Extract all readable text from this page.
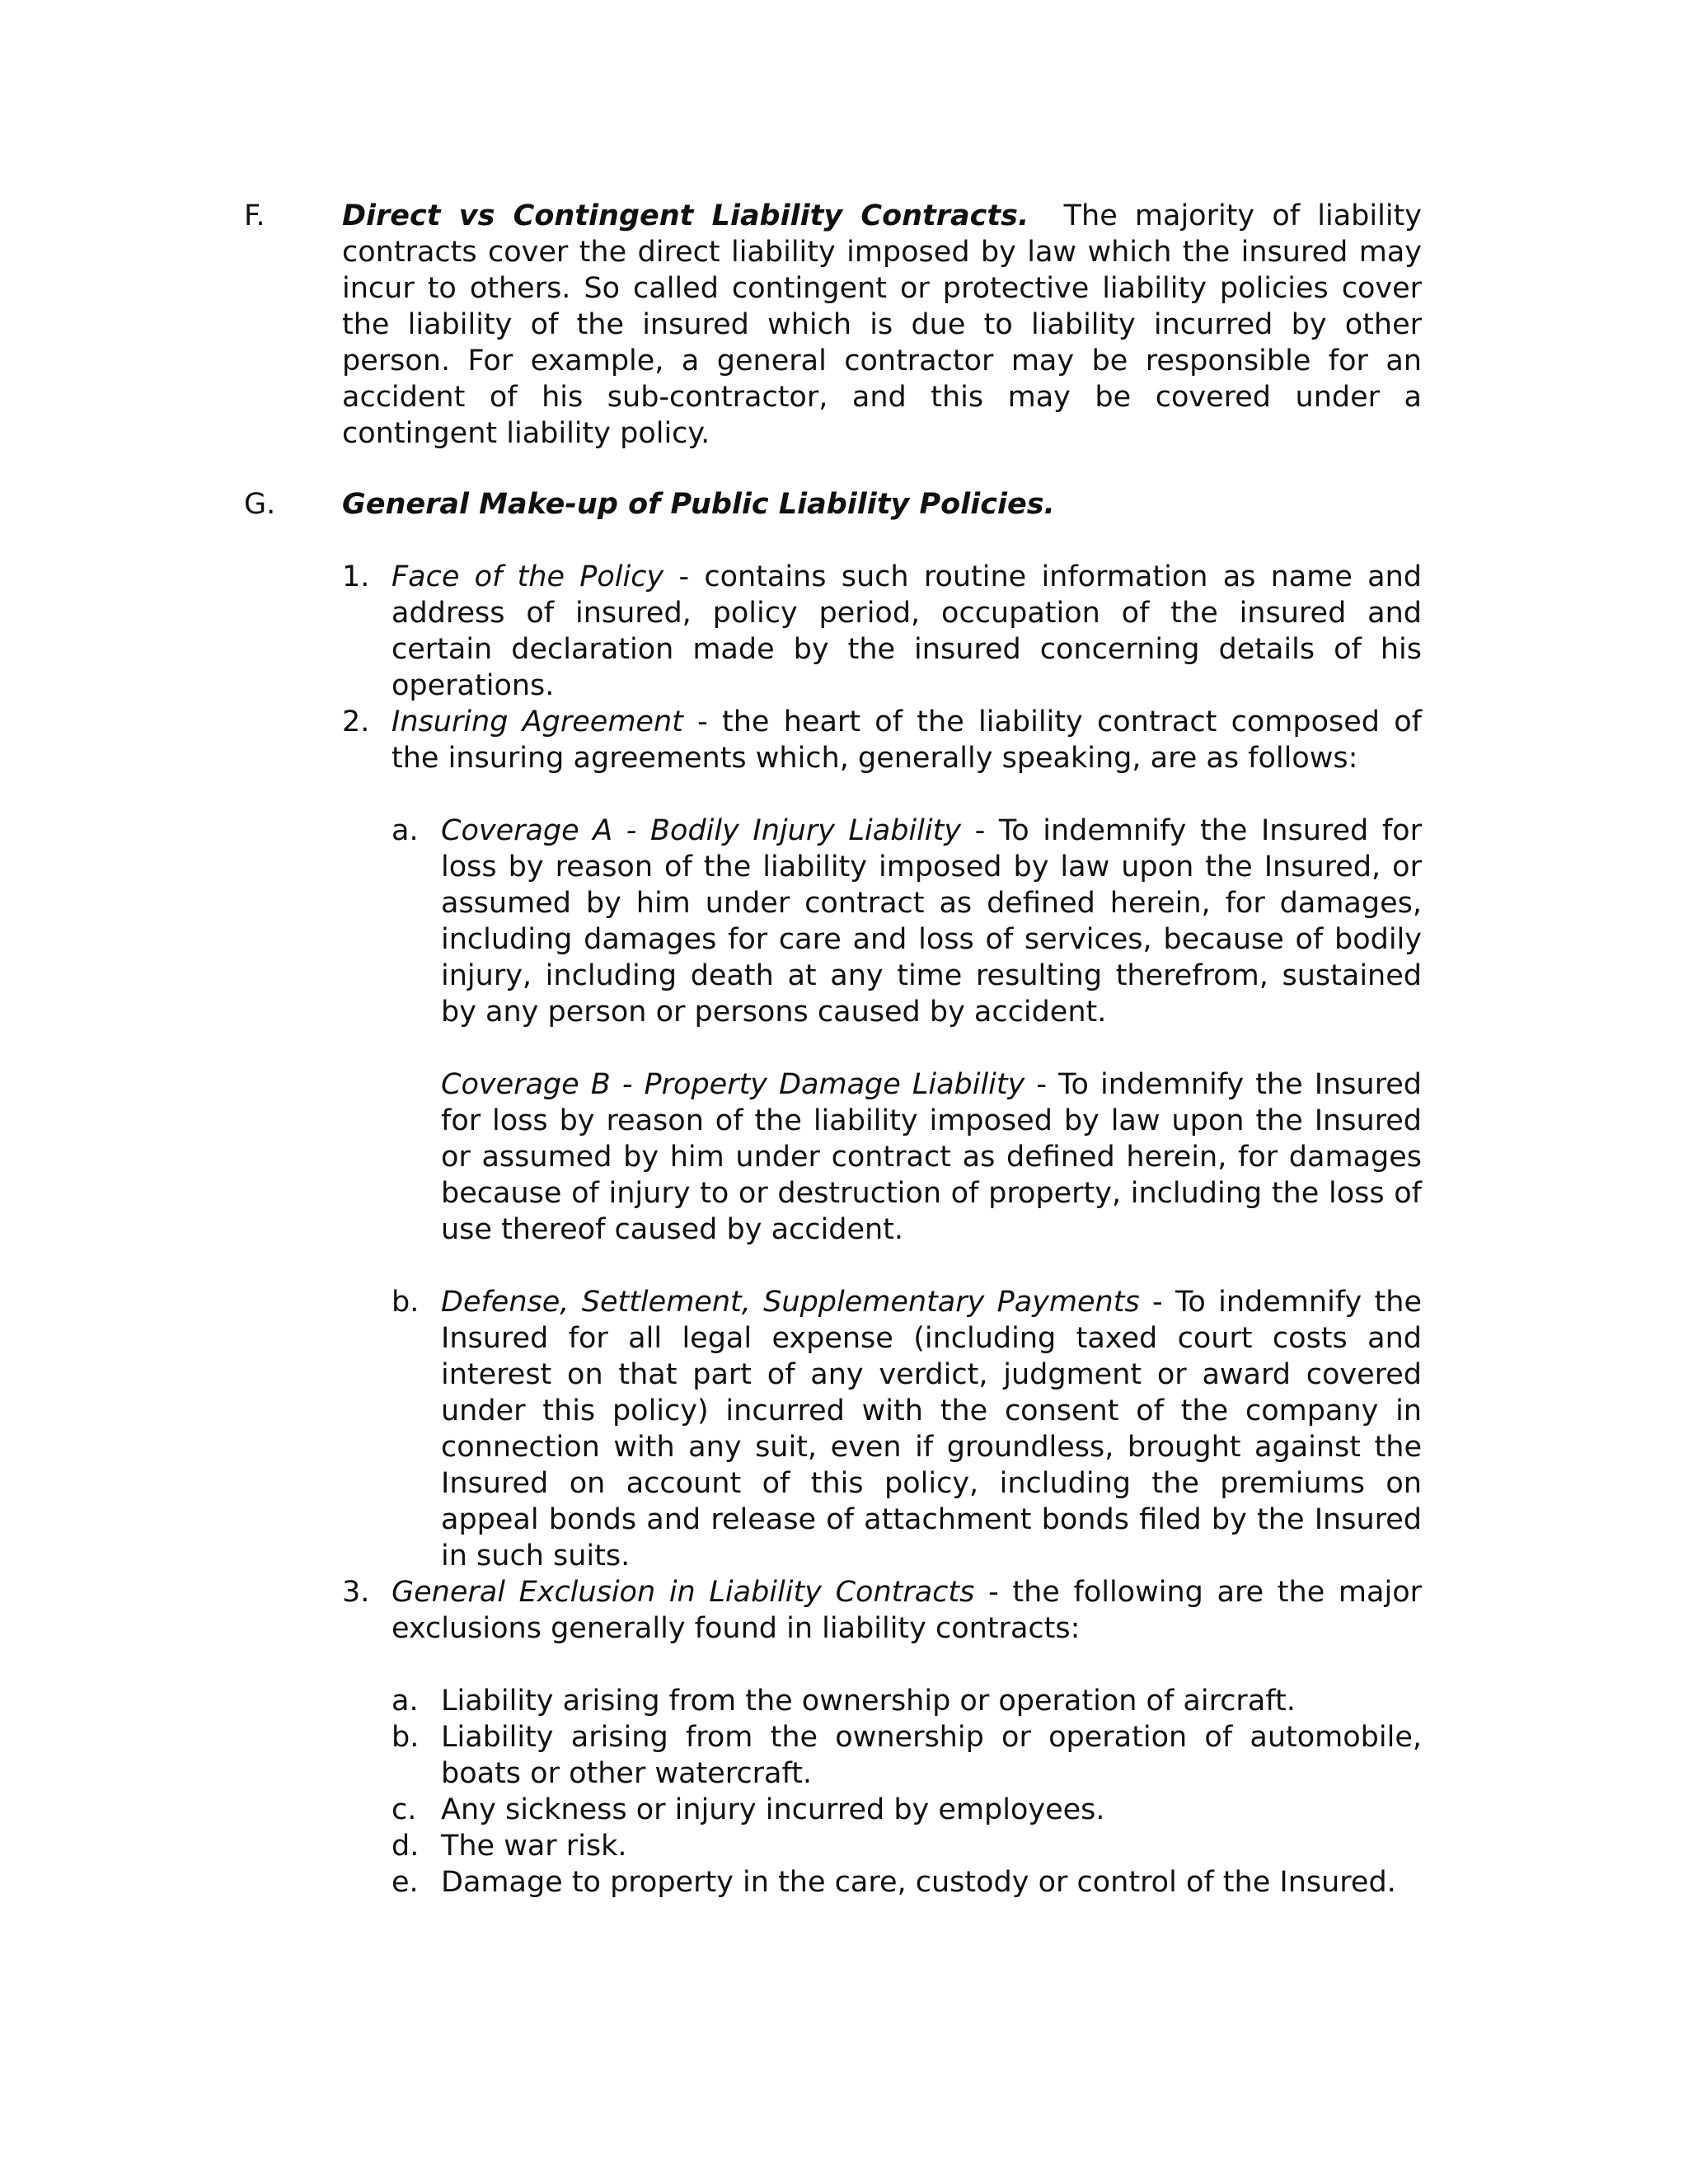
F.	Direct vs Contingent Liability Contracts. The majority of liability contracts cover the direct liability imposed by law which the insured may incur to others. So called contingent or protective liability policies cover the liability of the insured which is due to liability incurred by other person. For example, a general contractor may be responsible for an accident of his sub-contractor, and this may be covered under a contingent liability policy.

G. General Make-up of Public Liability Policies.

1. Face of the Policy - contains such routine information as name and address of insured, policy period, occupation of the insured and certain declaration made by the insured concerning details of his operations.

2. Insuring Agreement - the heart of the liability contract composed of the insuring agreements which, generally speaking, are as follows:

a. Coverage A - Bodily Injury Liability - To indemnify the Insured for loss by reason of the liability imposed by law upon the Insured, or assumed by him under contract as defined herein, for damages, including damages for care and loss of services, because of bodily injury, including death at any time resulting therefrom, sustained by any person or persons caused by accident.

Coverage B - Property Damage Liability - To indemnify the Insured for loss by reason of the liability imposed by law upon the Insured or assumed by him under contract as defined herein, for damages because of injury to or destruction of property, including the loss of use thereof caused by accident.

b. Defense, Settlement, Supplementary Payments - To indemnify the Insured for all legal expense (including taxed court costs and interest on that part of any verdict, judgment or award covered under this policy) incurred with the consent of the company in connection with any suit, even if groundless, brought against the Insured on account of this policy, including the premiums on appeal bonds and release of attachment bonds filed by the Insured in such suits.

3. General Exclusion in Liability Contracts - the following are the major exclusions generally found in liability contracts:

a. Liability arising from the ownership or operation of aircraft.
b. Liability arising from the ownership or operation of automobile, boats or other watercraft.
c. Any sickness or injury incurred by employees.
d. The war risk.
e. Damage to property in the care, custody or control of the Insured.
